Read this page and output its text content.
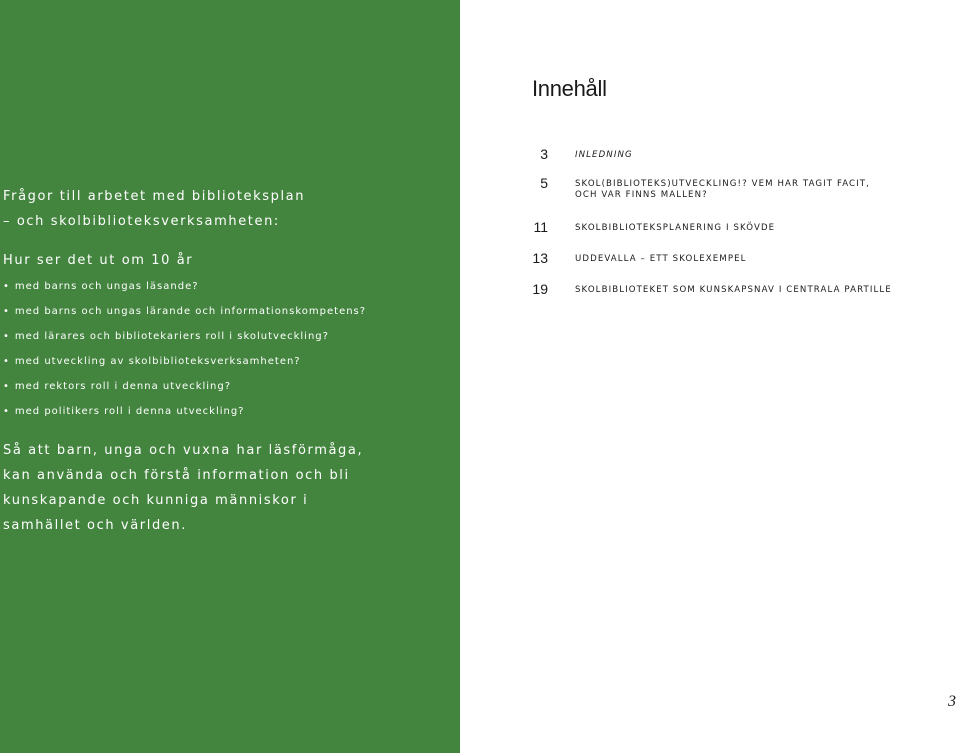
Frågor till arbetet med biblioteksplan
– och skolbiblioteksverksamheten:
Hur ser det ut om 10 år
• med barns och ungas läsande?
• med barns och ungas lärande och informationskompetens?
• med lärares och bibliotekariers roll i skolutveckling?
• med utveckling av skolbiblioteksverksamheten?
• med rektors roll i denna utveckling?
• med politikers roll i denna utveckling?
Så att barn, unga och vuxna har läsförmåga,
kan använda och förstå information och bli
kunskapande och kunniga människor i
samhället och världen.
Innehåll
3	INLEDNING
5	SKOL(BIBLIOTEKS)UTVECKLING!? VEM HAR TAGIT FACIT,
OCH VAR FINNS MALLEN?
11	SKOLBIBLIOTEKSPLANERING I SKÖVDE
13	UDDEVALLA – ETT SKOLEXEMPEL
19	SKOLBIBLIOTEKET SOM KUNSKAPSNAV I CENTRALA PARTILLE
3
